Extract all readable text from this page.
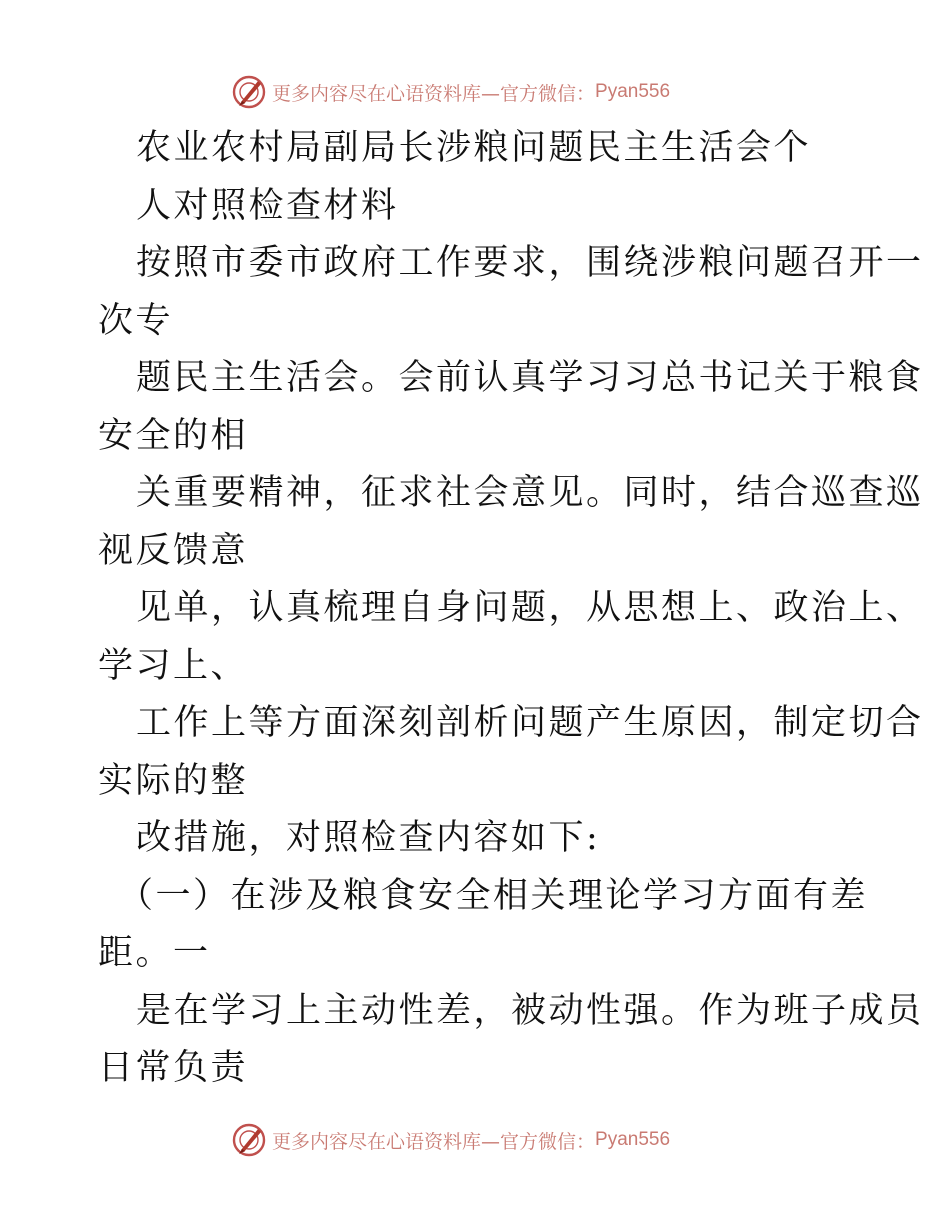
更多内容尽在心语资料库—官方微信： Pyan556
农业农村局副局长涉粮问题民主生活会个
人对照检查材料
按照市委市政府工作要求，围绕涉粮问题召开一
次专
题民主生活会。会前认真学习习总书记关于粮食
安全的相
关重要精神，征求社会意见。同时，结合巡查巡
视反馈意
见单，认真梳理自身问题，从思想上、政治上、
学习上、
工作上等方面深刻剖析问题产生原因，制定切合
实际的整
改措施，对照检查内容如下:
（一）在涉及粮食安全相关理论学习方面有差
距。一
是在学习上主动性差，被动性强。作为班子成员
日常负责
更多内容尽在心语资料库—官方微信： Pyan556
